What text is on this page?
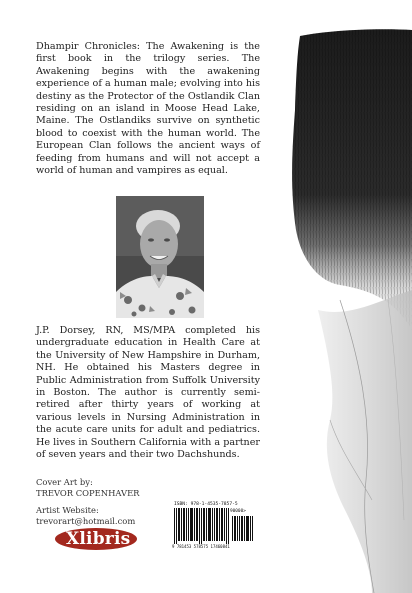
Dhampir Chronicles: The Awakening is the first book in the trilogy series. The Awakening begins with the awakening experience of a human male; evolving into his destiny as the Protector of the Ostlandik Clan residing on an island in Moose Head Lake, Maine. The Ostlandiks survive on synthetic blood to coexist with the human world. The European Clan follows the ancient ways of feeding from humans and will not accept a world of human and vampires as equal.

J.P. Dorsey, RN, MS/MPA completed his undergraduate education in Health Care at the University of New Hampshire in Durham, NH. He obtained his Masters degree in Public Administration from Suffolk University in Boston. The author is currently semi-retired after thirty years of working at various levels in Nursing Administration in the acute care units for adult and pediatrics. He lives in Southern California with a partner of seven years and their two Dachshunds.

Cover Art by:
TREVOR COPENHAVER
Artist Website:
trevorart@hotmail.com
Xlibris
ISBN: 978-1-4535-7857-5
90000>
9 781453 578575 17460841
